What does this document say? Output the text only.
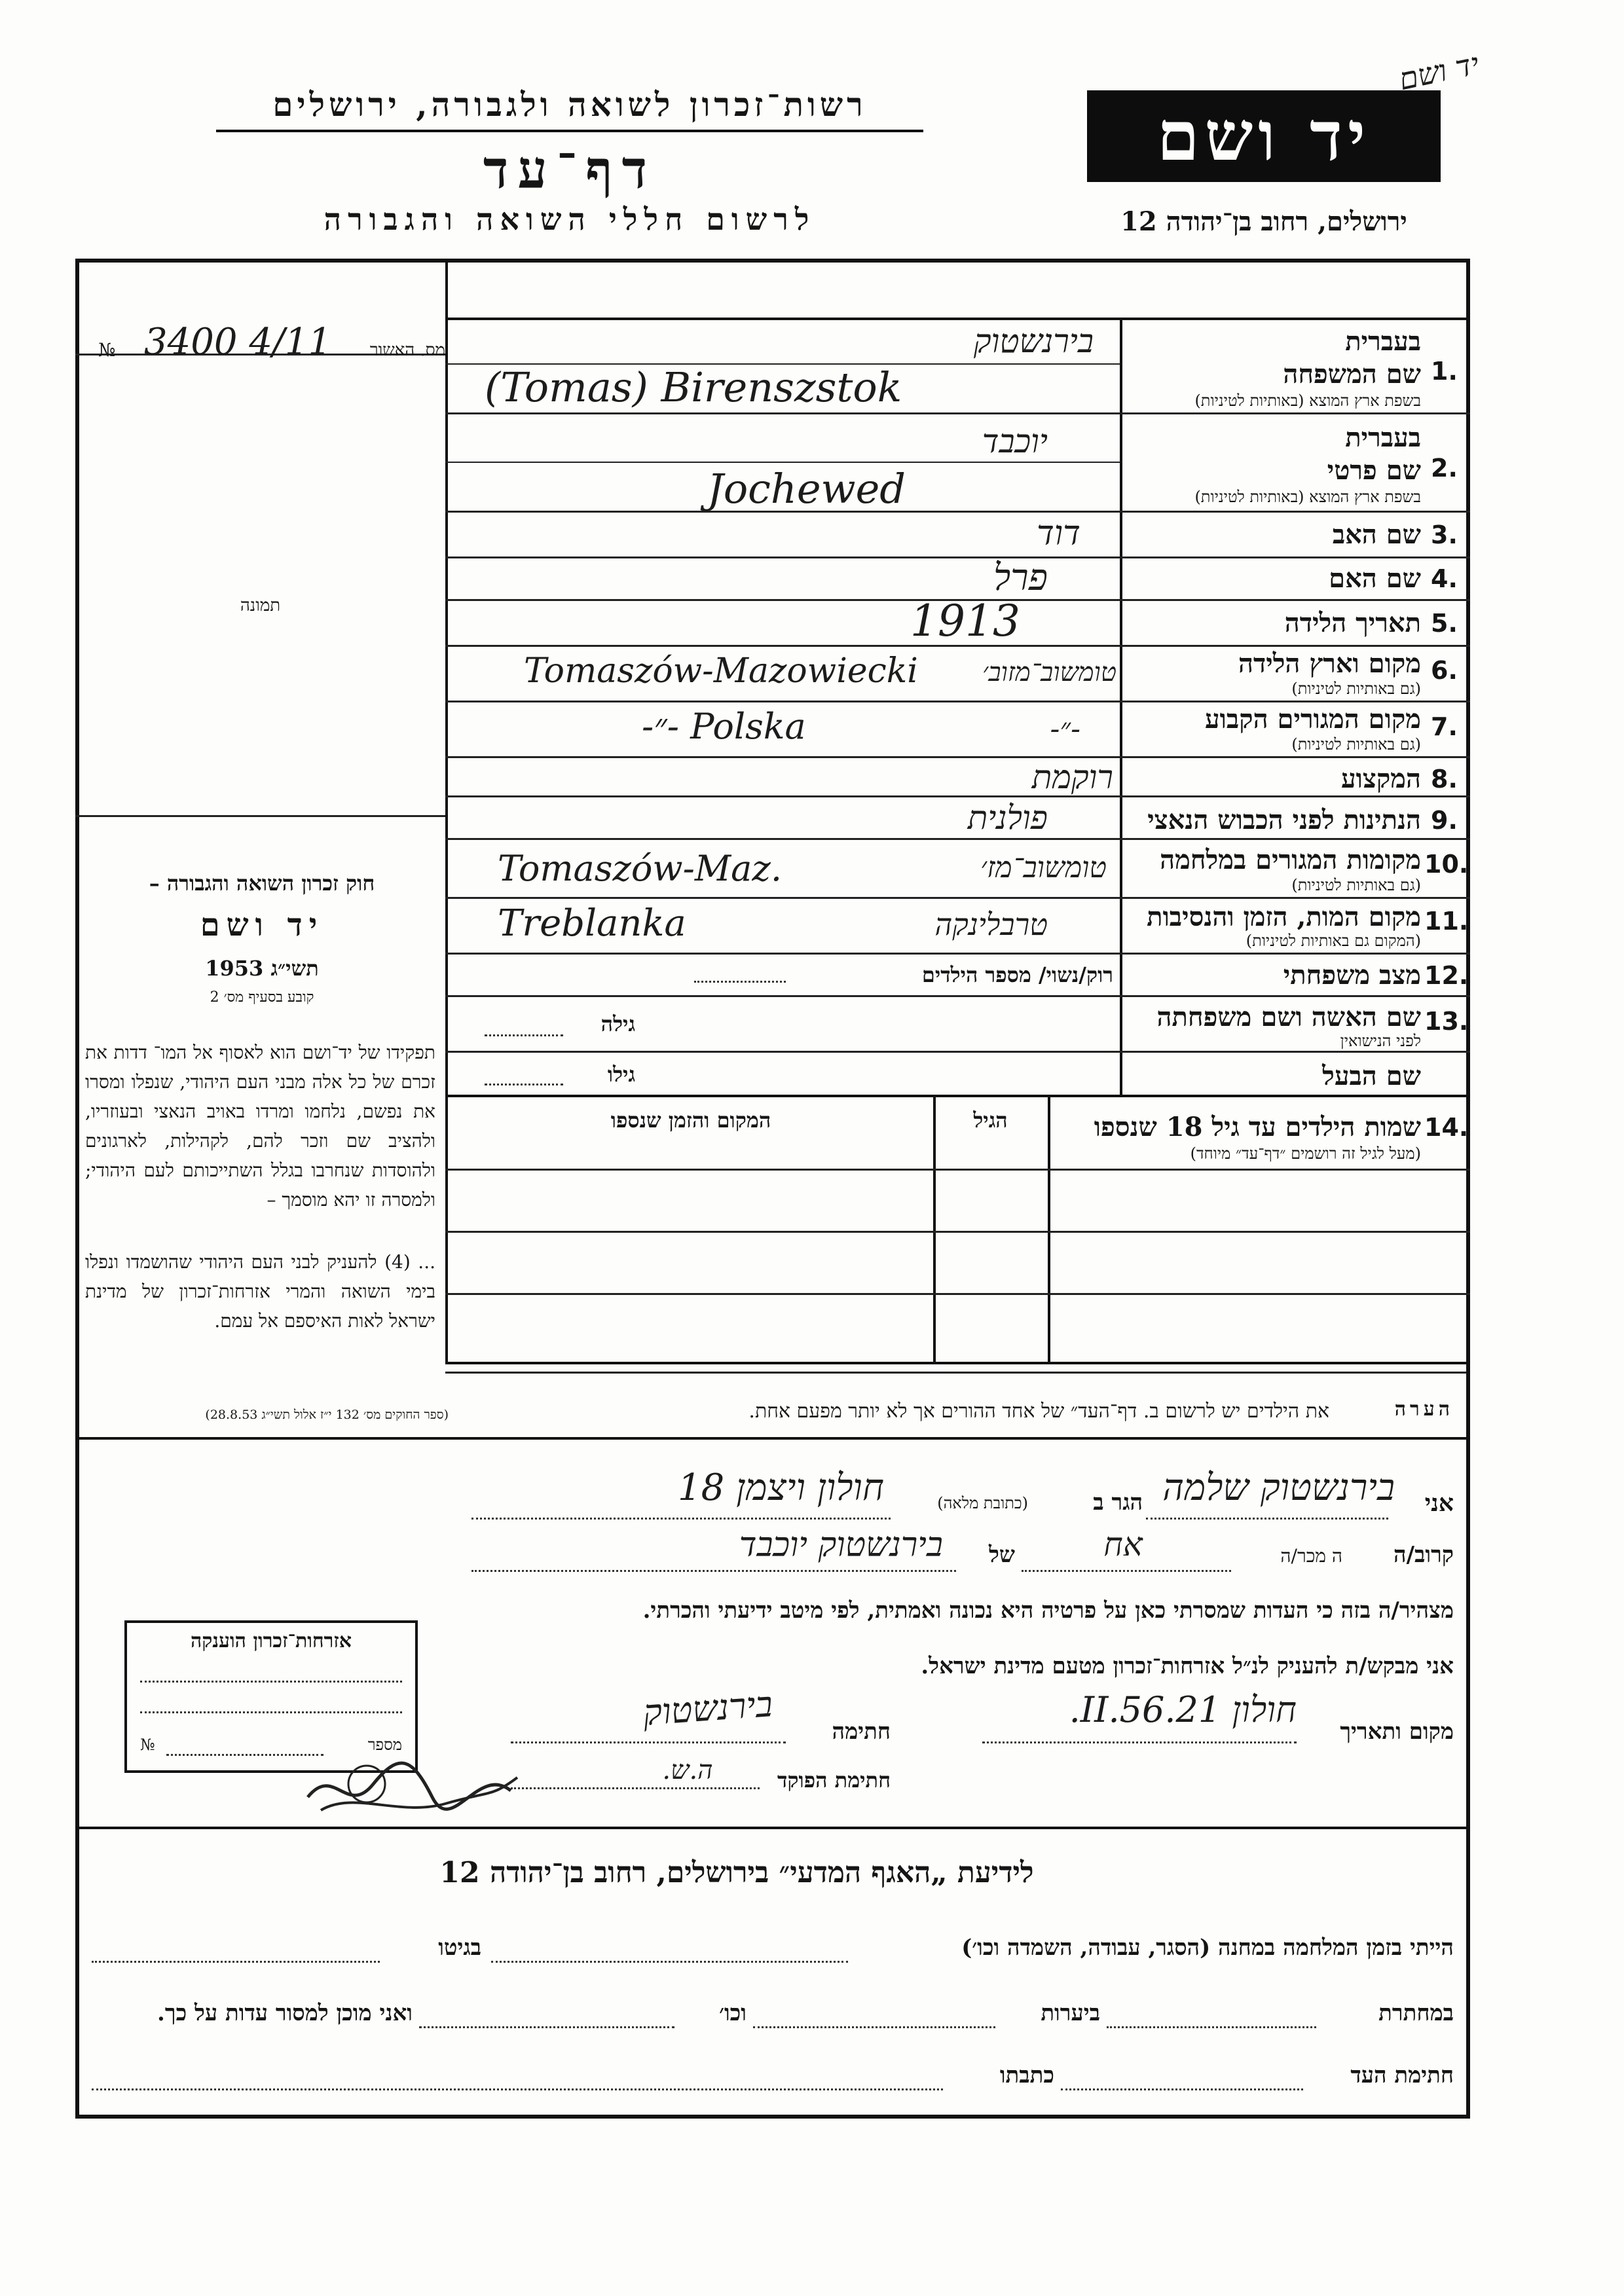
רשות־זכרון לשואה ולגבורה, ירושלים
דף־עד
לרשום חללי השואה והגבורה
יד ושם
ירושלים, רחוב בן־יהודה 12
יד ושם
מס. האשור
№ 3400 4/11
תמונה
חוק זכרון השואה והגבורה –
יד ושם
תשי״ג 1953
קובע בסעיף מס׳ 2
תפקידו של יד־ושם הוא לאסוף אל המו־ דדות את זכרם של כל אלה מבני העם היהודי, שנפלו ומסרו את נפשם, נלחמו ומרדו באויב הנאצי ובעוזריו, ולהציב שם וזכר להם, לקהילות, לארגונים ולהוסדות שנחרבו בגלל השתייכותם לעם היהודי; ולמסרה זו יהא מוסמך –
... (4) להעניק לבני העם היהודי שהושמדו ונפלו בימי השואה והמרי אזרחות־זכרון של מדינת ישראל לאות האיספם אל עמם.
(ספר החוקים מס׳ 132 י״ז אלול תשי״ג 28.8.53)
1.
בעברית
שם המשפחה
בשפת ארץ המוצא (באותיות לטיניות)
בירנשטוק
(Tomas) Birenszstok
2.
בעברית
שם פרטי
בשפת ארץ המוצא (באותיות לטיניות)
יוכבד
Jochewed
3.
שם האב
דוד
4.
שם האם
פרל
5.
תאריך הלידה
1913
6.
מקום וארץ הלידה
(גם באותיות לטיניות)
טומשוב־מזוב׳
Tomaszów-Mazowiecki
7.
מקום המגורים הקבוע
(גם באותיות לטיניות)
-״-
-״- Polska
8.
המקצוע
רוקמת
9.
הנתינות לפני הכבוש הנאצי
פולנית
10.
מקומות המגורים במלחמה
(גם באותיות לטיניות)
טומשוב־מז׳
Tomaszów-Maz.
11.
מקום המות, הזמן והנסיבות
(המקום גם באותיות לטיניות)
טרבלינקה
Treblanka
12.
מצב משפחתי
רוק/נשוי/ מספר הילדים
13.
שם האשה ושם משפחתה
לפני הנישואין
גילה
שם הבעל
גילו
14.
שמות הילדים עד גיל 18 שנספו
(מעל לגיל זה רושמים ״דף־עד״ מיוחד)
הגיל
המקום והזמן שנספו
הערה
את הילדים יש לרשום ב. דף־העד״ של אחד ההורים אך לא יותר מפעם אחת.
אני
בירנשטוק שלמה
הגר ב
(כתובת מלאה)
חולון ויצמן 18
קרוב/ה
ה מכר/ה
אח
של
בירנשטוק יוכבד
מצהיר/ה בזה כי העדות שמסרתי כאן על פרטיה היא נכונה ואמתית, לפי מיטב ידיעתי והכרתי.
אני מבקש/ת להעניק לנ״ל אזרחות־זכרון מטעם מדינת ישראל.
מקום ותאריך
חולון 21.II.56.
חתימה
בירנשטוק
חתימת הפוקד
ה.ש.
אזרחות־זכרון הוענקה
מספר
№
לידיעת „האגף המדעי״ בירושלים, רחוב בן־יהודה 12
הייתי בזמן המלחמה במחנה (הסגר, עבודה, השמדה וכו׳)
בגיטו
במחתרת
ביערות
וכו׳
ואני מוכן למסור עדות על כך.
חתימת העד
כתבתו
